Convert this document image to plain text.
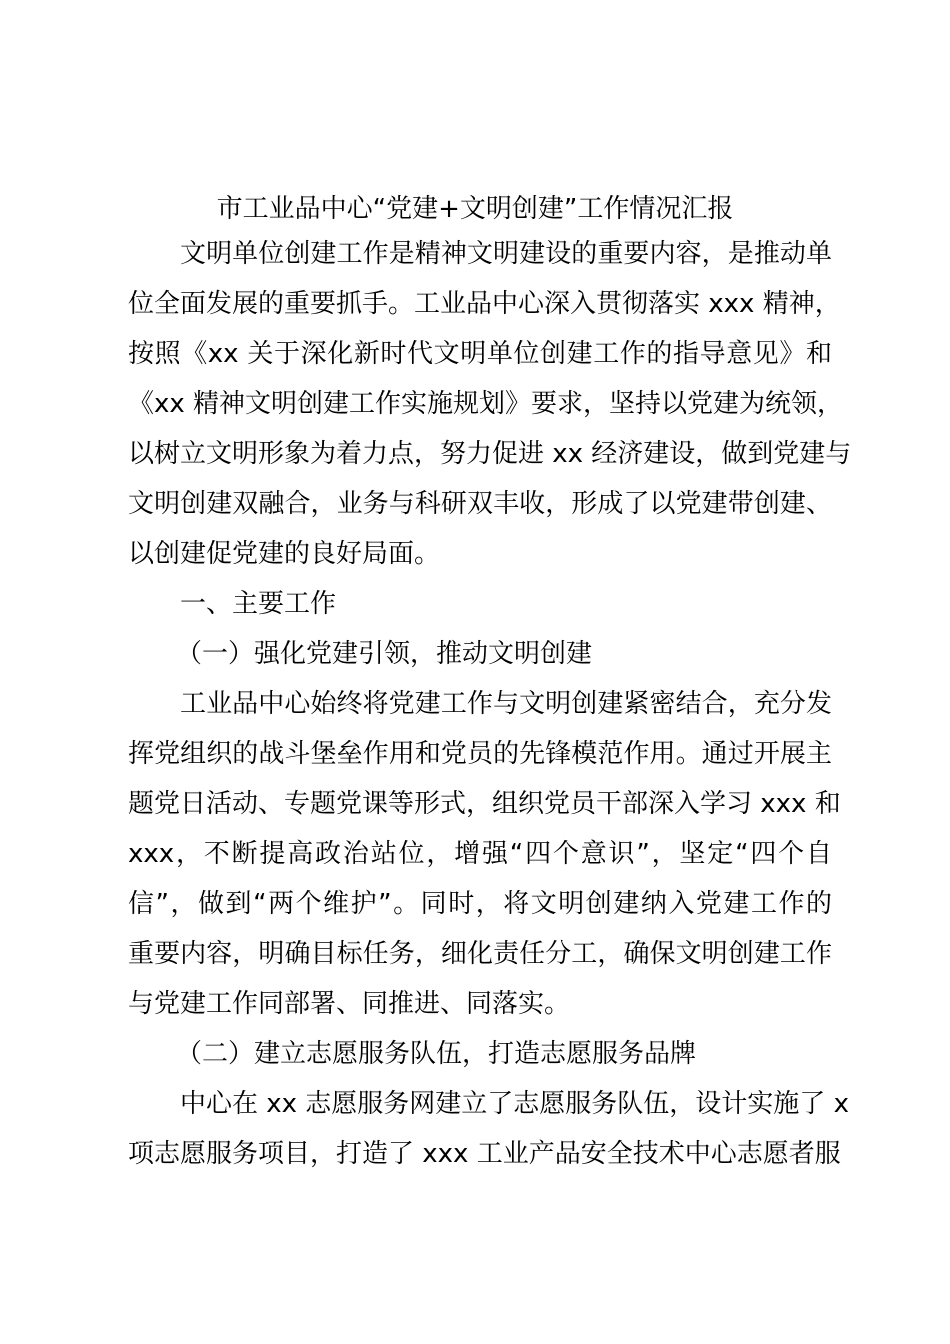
市工业品中心“党建+文明创建”工作情况汇报
文明单位创建工作是精神文明建设的重要内容，是推动单
位全面发展的重要抓手。工业品中心深入贯彻落实 xxx 精神，
按照《xx 关于深化新时代文明单位创建工作的指导意见》和
《xx 精神文明创建工作实施规划》要求，坚持以党建为统领，
以树立文明形象为着力点，努力促进 xx 经济建设，做到党建与
文明创建双融合，业务与科研双丰收，形成了以党建带创建、
以创建促党建的良好局面。
一、主要工作
（一）强化党建引领，推动文明创建
工业品中心始终将党建工作与文明创建紧密结合，充分发
挥党组织的战斗堡垒作用和党员的先锋模范作用。通过开展主
题党日活动、专题党课等形式，组织党员干部深入学习 xxx 和
xxx，不断提高政治站位，增强“四个意识”，坚定“四个自
信”，做到“两个维护”。同时，将文明创建纳入党建工作的
重要内容，明确目标任务，细化责任分工，确保文明创建工作
与党建工作同部署、同推进、同落实。
（二）建立志愿服务队伍，打造志愿服务品牌
中心在 xx 志愿服务网建立了志愿服务队伍，设计实施了 x
项志愿服务项目，打造了 xxx 工业产品安全技术中心志愿者服
